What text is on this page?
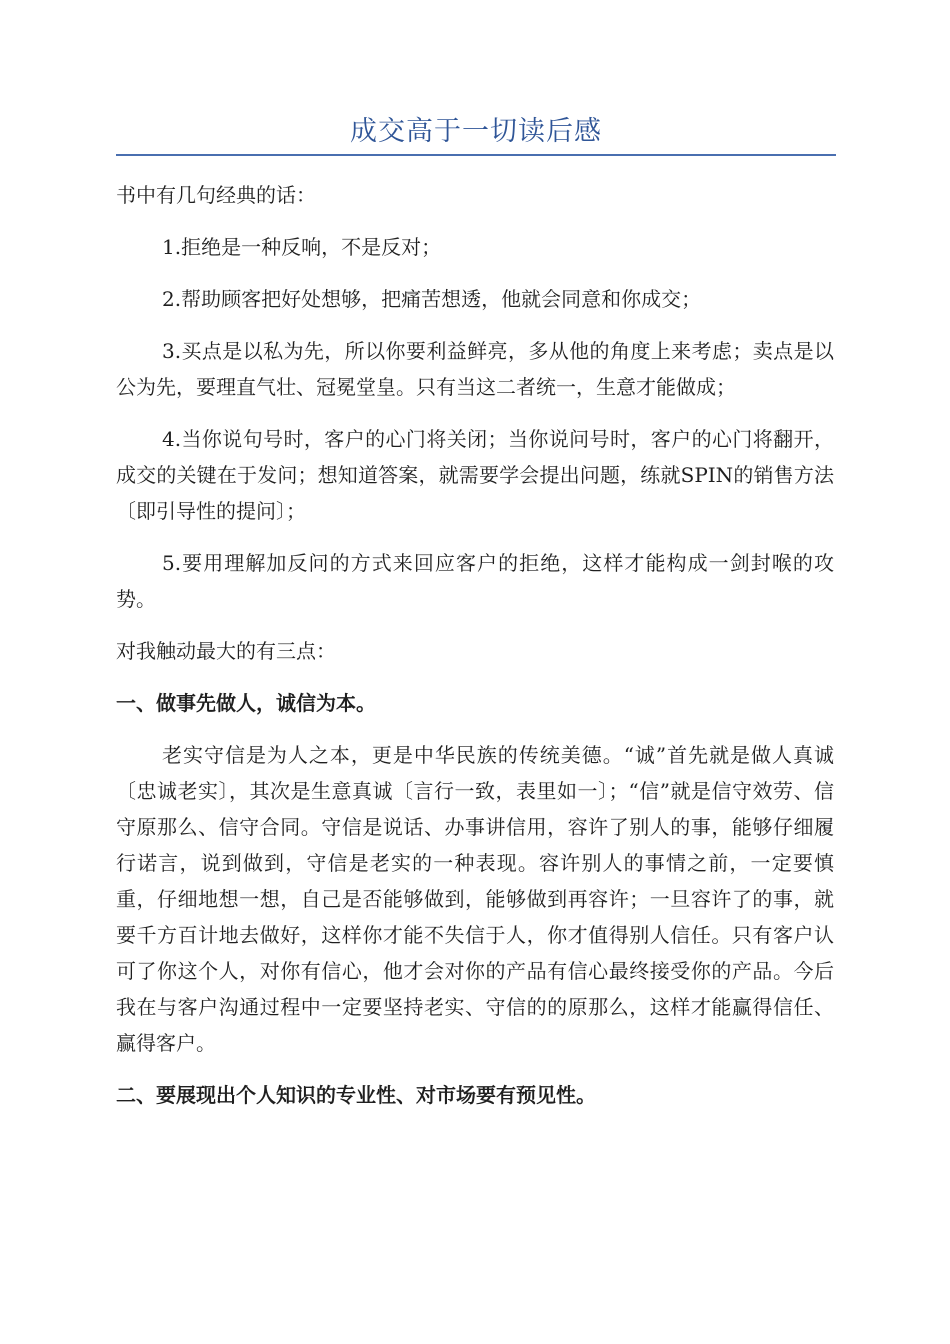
成交高于一切读后感

书中有几句经典的话：

1.拒绝是一种反响，不是反对；

2.帮助顾客把好处想够，把痛苦想透，他就会同意和你成交；

3.买点是以私为先，所以你要利益鲜亮，多从他的角度上来考虑；卖点是以公为先，要理直气壮、冠冕堂皇。只有当这二者统一，生意才能做成；

4.当你说句号时，客户的心门将关闭；当你说问号时，客户的心门将翻开，成交的关键在于发问；想知道答案，就需要学会提出问题，练就SPIN的销售方法〔即引导性的提问〕；

5.要用理解加反问的方式来回应客户的拒绝，这样才能构成一剑封喉的攻势。

对我触动最大的有三点：

一、做事先做人，诚信为本。

老实守信是为人之本，更是中华民族的传统美德。“诚”首先就是做人真诚〔忠诚老实〕，其次是生意真诚〔言行一致，表里如一〕；“信”就是信守效劳、信守原那么、信守合同。守信是说话、办事讲信用，容许了别人的事，能够仔细履行诺言，说到做到，守信是老实的一种表现。容许别人的事情之前，一定要慎重，仔细地想一想，自己是否能够做到，能够做到再容许；一旦容许了的事，就要千方百计地去做好，这样你才能不失信于人，你才值得别人信任。只有客户认可了你这个人，对你有信心，他才会对你的产品有信心最终接受你的产品。今后我在与客户沟通过程中一定要坚持老实、守信的的原那么，这样才能赢得信任、赢得客户。

二、要展现出个人知识的专业性、对市场要有预见性。
